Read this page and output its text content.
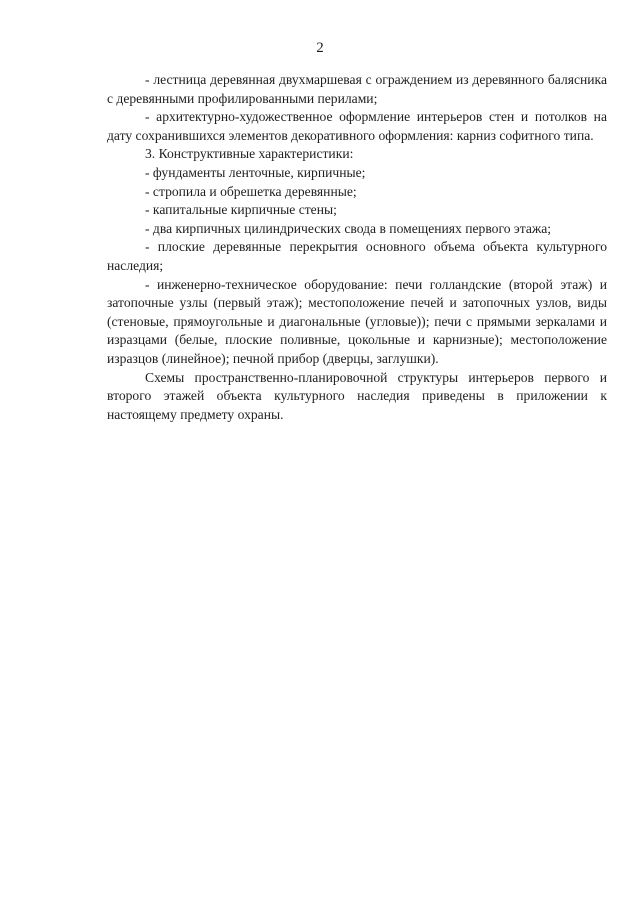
2

- лестница деревянная двухмаршевая с ограждением из деревянного балясника с деревянными профилированными перилами;

- архитектурно-художественное оформление интерьеров стен и потолков на дату сохранившихся элементов декоративного оформления: карниз софитного типа.

3. Конструктивные характеристики:

- фундаменты ленточные, кирпичные;

- стропила и обрешетка деревянные;

- капитальные кирпичные стены;

- два кирпичных цилиндрических свода в помещениях первого этажа;

- плоские деревянные перекрытия основного объема объекта культурного наследия;

- инженерно-техническое оборудование: печи голландские (второй этаж) и затопочные узлы (первый этаж); местоположение печей и затопочных узлов, виды (стеновые, прямоугольные и диагональные (угловые)); печи с прямыми зеркалами и изразцами (белые, плоские поливные, цокольные и карнизные); местоположение изразцов (линейное); печной прибор (дверцы, заглушки).

Схемы пространственно-планировочной структуры интерьеров первого и второго этажей объекта культурного наследия приведены в приложении к настоящему предмету охраны.
